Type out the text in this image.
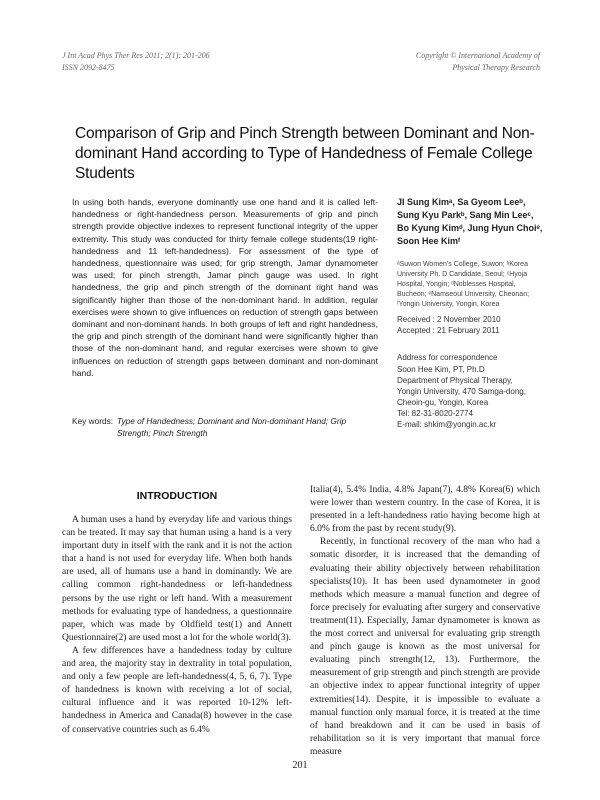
J Int Acad Phys Ther Res 2011; 2(1): 201-206
ISSN 2092-8475
Copyright © International Academy of
Physical Therapy Research
Comparison of Grip and Pinch Strength between Dominant and Non-dominant Hand according to Type of Handedness of Female College Students
In using both hands, everyone dominantly use one hand and it is called left-handedness or right-handedness person. Measurements of grip and pinch strength provide objective indexes to represent functional integrity of the upper extremity. This study was conducted for thirty female college students(19 right-handedness and 11 left-handedness). For assessment of the type of handedness, questionnaire was used; for grip strength, Jamar dynamometer was used; for pinch strength, Jamar pinch gauge was used. In right handedness, the grip and pinch strength of the dominant right hand was significantly higher than those of the non-dominant hand. In addition, regular exercises were shown to give influences on reduction of strength gaps between dominant and non-dominant hands. In both groups of left and right handedness, the grip and pinch strength of the dominant hand were significantly higher than those of the non-dominant hand, and regular exercises were shown to give influences on reduction of strength gaps between dominant and non-dominant hand.
Key words: Type of Handedness; Dominant and Non-dominant Hand; Grip Strength; Pinch Strength
JI Sung Kimᵃ, Sa Gyeom Leeᵇ, Sung Kyu Parkᵇ, Sang Min Leeᶜ, Bo Kyung Kimᵈ, Jung Hyun Choiᵉ, Soon Hee Kimᶠ
ᵃSuwon Women's College, Suwon; ᵇKorea University Ph. D Candidate, Seoul; ᶜHyoja Hospital, Yongin; ᵈNoblesses Hospital, Bucheon; ᵉNamseoul University, Cheonan; ᶠYongin University, Yongin, Korea
Received : 2 November 2010
Accepted : 21 February 2011
Address for correspondence
Soon Hee Kim, PT, Ph.D
Department of Physical Therapy,
Yongin University, 470 Samga-dong,
Cheoin-gu, Yongin, Korea
Tel: 82-31-8020-2774
E-mail: shkim@yongin.ac.kr
INTRODUCTION

A human uses a hand by everyday life and various things can be treated. It may say that human using a hand is a very important duty in itself with the rank and it is not the action that a hand is not used for everyday life. When both hands are used, all of humans use a hand in dominantly. We are calling common right-handedness or left-handedness persons by the use right or left hand. With a measurement methods for evaluating type of handedness, a questionnaire paper, which was made by Oldfield test(1) and Annett Questionnaire(2) are used most a lot for the whole world(3).

A few differences have a handedness today by culture and area, the majority stay in dextrality in total population, and only a few people are left-handedness(4, 5, 6, 7). Type of handedness is known with receiving a lot of social, cultural influence and it was reported 10-12% left-handedness in America and Canada(8) however in the case of conservative countries such as 6.4%

Italia(4), 5.4% India, 4.8% Japan(7), 4.8% Korea(6) which were lower than western country. In the case of Korea, it is presented in a left-handedness ratio having become high at 6.0% from the past by recent study(9).

Recently, in functional recovery of the man who had a somatic disorder, it is increased that the demanding of evaluating their ability objectively between rehabilitation specialists(10). It has been used dynamometer in good methods which measure a manual function and degree of force precisely for evaluating after surgery and conservative treatment(11). Especially, Jamar dynamometer is known as the most correct and universal for evaluating grip strength and pinch gauge is known as the most universal for evaluating pinch strength(12, 13). Furthermore, the measurement of grip strength and pinch strength are provide an objective index to appear functional integrity of upper extremities(14). Despite, it is impossible to evaluate a manual function only manual force, it is treated at the time of hand breakdown and it can be used in basis of rehabilitation so it is very important that manual force measure

201
